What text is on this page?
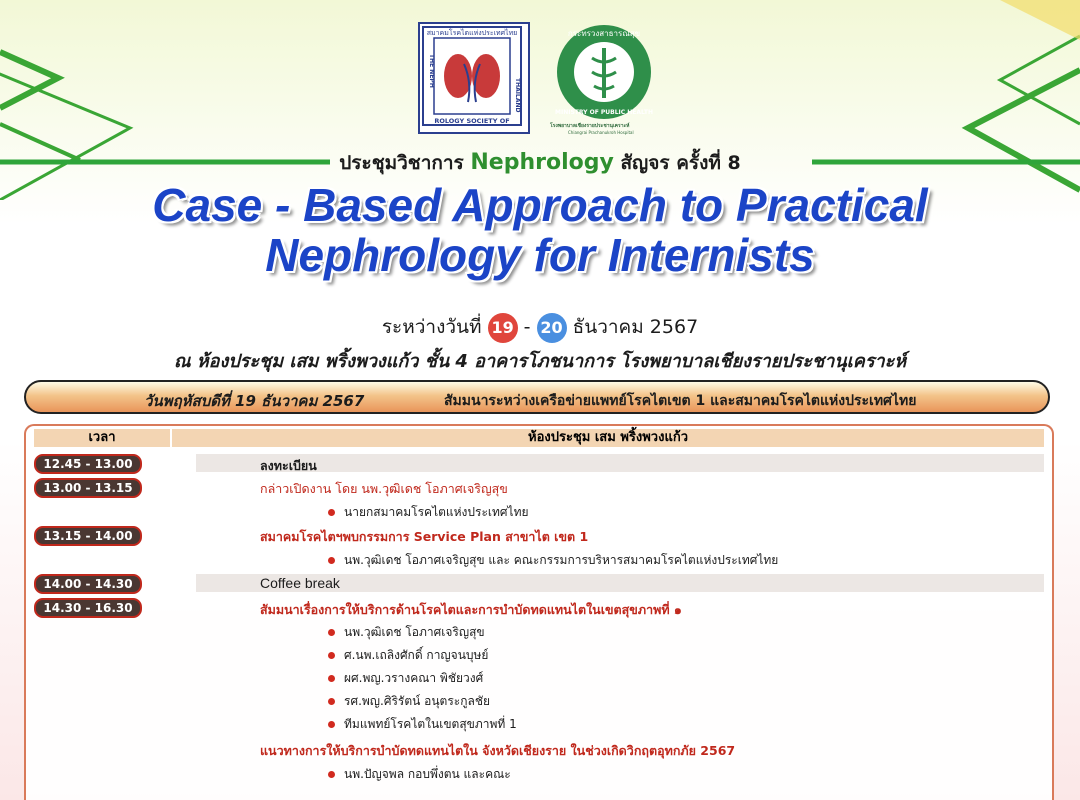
สมาคมโรคไตแห่งประเทศไทย
ROLOGY SOCIETY OF
THE NEPH
THAILAND
กระทรวงสาธารณสุข
MINISTRY OF PUBLIC HEALTH
โรงพยาบาลเชียงรายประชานุเคราะห์
Chiangrai Prachanukroh Hospital
ประชุมวิชาการ Nephrology สัญจร ครั้งที่ 8
Case - Based Approach to Practical
Nephrology for Internists
ระหว่างวันที่ 19 - 20 ธันวาคม 2567
ณ ห้องประชุม เสม พริ้งพวงแก้ว ชั้น 4 อาคารโภชนาการ โรงพยาบาลเชียงรายประชานุเคราะห์
วันพฤหัสบดีที่ 19 ธันวาคม 2567	สัมมนาระหว่างเครือข่ายแพทย์โรคไตเขต 1 และสมาคมโรคไตแห่งประเทศไทย
เวลา	ห้องประชุม เสม พริ้งพวงแก้ว
12.45 - 13.00	ลงทะเบียน
13.00 - 13.15	กล่าวเปิดงาน โดย นพ.วุฒิเดช โอภาศเจริญสุข
นายกสมาคมโรคไตแห่งประเทศไทย
13.15 - 14.00	สมาคมโรคไตฯพบกรรมการ Service Plan สาขาไต เขต 1
นพ.วุฒิเดช โอภาศเจริญสุข และ คณะกรรมการบริหารสมาคมโรคไตแห่งประเทศไทย
14.00 - 14.30	Coffee break
14.30 - 16.30	สัมมนาเรื่องการให้บริการด้านโรคไตและการบำบัดทดแทนไตในเขตสุขภาพที่ ๑
นพ.วุฒิเดช โอภาศเจริญสุข
ศ.นพ.เถลิงศักดิ์ กาญจนบุษย์
ผศ.พญ.วรางคณา พิชัยวงศ์
รศ.พญ.ศิริรัตน์ อนุตระกูลชัย
ทีมแพทย์โรคไตในเขตสุขภาพที่ 1
แนวทางการให้บริการบำบัดทดแทนไตใน จังหวัดเชียงราย ในช่วงเกิดวิกฤตอุทกภัย 2567
นพ.ปัญจพล กอบพึ่งตน และคณะ
